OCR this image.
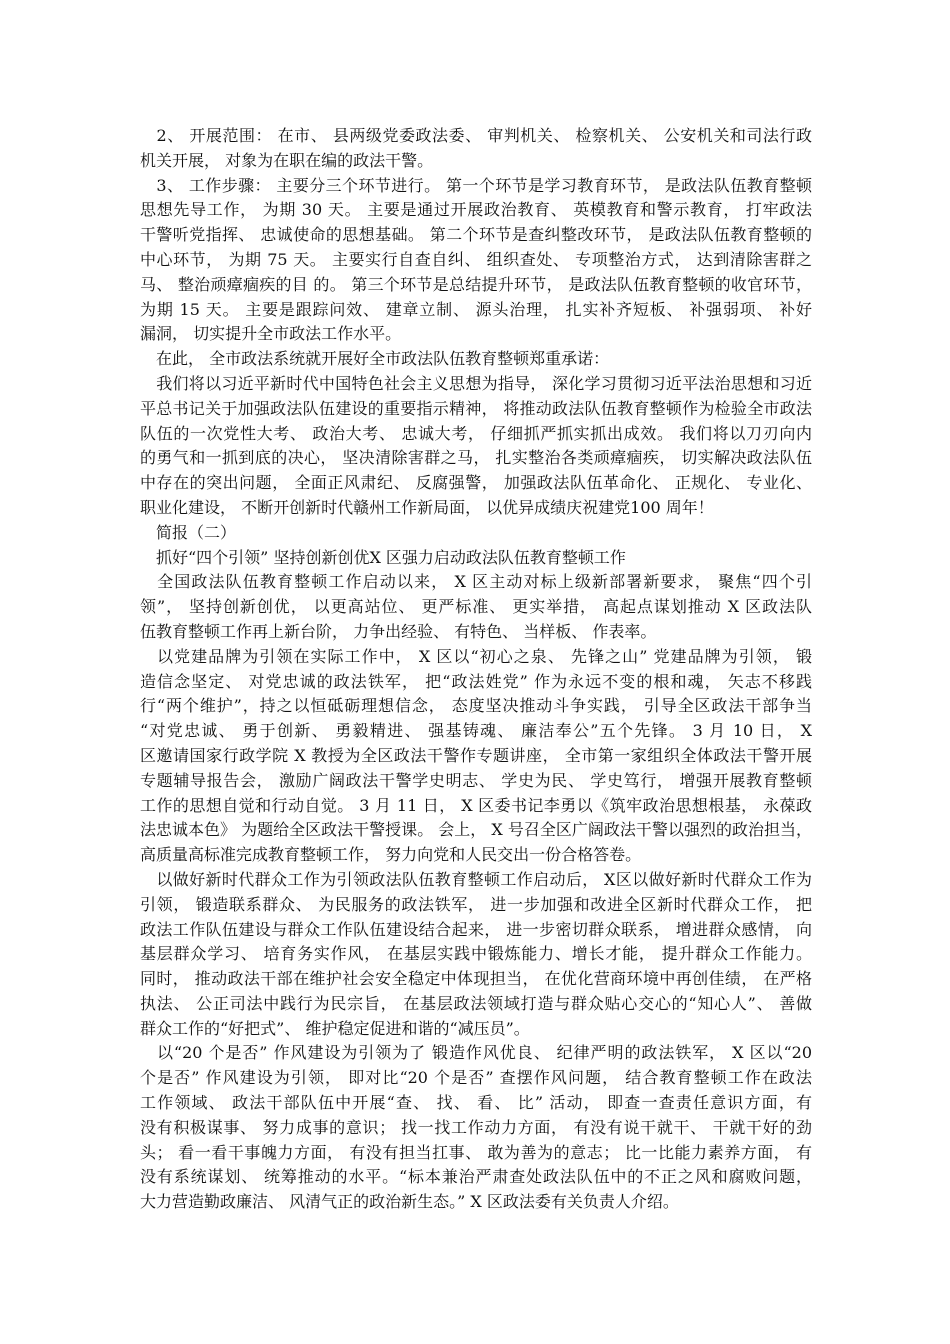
　2、 开展范围： 在市、 县两级党委政法委、 审判机关、 检察机关、 公安机关和司法行政
机关开展， 对象为在职在编的政法干警。
　3、 工作步骤： 主要分三个环节进行。 第一个环节是学习教育环节， 是政法队伍教育整顿
思想先导工作， 为期 30 天。 主要是通过开展政治教育、 英模教育和警示教育， 打牢政法
干警听党指挥、 忠诚使命的思想基础。 第二个环节是查纠整改环节， 是政法队伍教育整顿的
中心环节， 为期 75 天。 主要实行自查自纠、 组织查处、 专项整治方式， 达到清除害群之
马、 整治顽瘴痼疾的目 的。 第三个环节是总结提升环节， 是政法队伍教育整顿的收官环节，
为期 15 天。 主要是跟踪问效、 建章立制、 源头治理， 扎实补齐短板、 补强弱项、 补好
漏洞， 切实提升全市政法工作水平。
　在此， 全市政法系统就开展好全市政法队伍教育整顿郑重承诺：
　我们将以习近平新时代中国特色社会主义思想为指导， 深化学习贯彻习近平法治思想和习近
平总书记关于加强政法队伍建设的重要指示精神， 将推动政法队伍教育整顿作为检验全市政法
队伍的一次党性大考、 政治大考、 忠诚大考， 仔细抓严抓实抓出成效。 我们将以刀刃向内
的勇气和一抓到底的决心， 坚决清除害群之马， 扎实整治各类顽瘴痼疾， 切实解决政法队伍
中存在的突出问题， 全面正风肃纪、 反腐强警， 加强政法队伍革命化、 正规化、 专业化、
职业化建设， 不断开创新时代赣州工作新局面， 以优异成绩庆祝建党100 周年！
　简报（二）
　抓好“四个引领” 坚持创新创优X 区强力启动政法队伍教育整顿工作
　全国政法队伍教育整顿工作启动以来， X 区主动对标上级新部署新要求， 聚焦“四个引
领”， 坚持创新创优， 以更高站位、 更严标准、 更实举措， 高起点谋划推动 X 区政法队
伍教育整顿工作再上新台阶， 力争出经验、 有特色、 当样板、 作表率。
　以党建品牌为引领在实际工作中， X 区以“初心之泉、 先锋之山” 党建品牌为引领， 锻
造信念坚定、 对党忠诚的政法铁军， 把“政法姓党” 作为永远不变的根和魂， 矢志不移践
行“两个维护”，持之以恒砥砺理想信念， 态度坚决推动斗争实践， 引导全区政法干部争当
“对党忠诚、 勇于创新、 勇毅精进、 强基铸魂、 廉洁奉公”五个先锋。 3 月 10 日， X
区邀请国家行政学院 X 教授为全区政法干警作专题讲座， 全市第一家组织全体政法干警开展
专题辅导报告会， 激励广阔政法干警学史明志、 学史为民、 学史笃行， 增强开展教育整顿
工作的思想自觉和行动自觉。 3 月 11 日， X 区委书记李勇以《筑牢政治思想根基， 永葆政
法忠诚本色》 为题给全区政法干警授课。 会上， X 号召全区广阔政法干警以强烈的政治担当，
高质量高标准完成教育整顿工作， 努力向党和人民交出一份合格答卷。
　以做好新时代群众工作为引领政法队伍教育整顿工作启动后， X区以做好新时代群众工作为
引领， 锻造联系群众、 为民服务的政法铁军， 进一步加强和改进全区新时代群众工作， 把
政法工作队伍建设与群众工作队伍建设结合起来， 进一步密切群众联系， 增进群众感情， 向
基层群众学习、 培育务实作风， 在基层实践中锻炼能力、增长才能， 提升群众工作能力。
同时， 推动政法干部在维护社会安全稳定中体现担当， 在优化营商环境中再创佳绩， 在严格
执法、 公正司法中践行为民宗旨， 在基层政法领域打造与群众贴心交心的“知心人”、 善做
群众工作的“好把式”、 维护稳定促进和谐的“减压员”。
　以“20 个是否” 作风建设为引领为了 锻造作风优良、 纪律严明的政法铁军， X 区以“20
个是否” 作风建设为引领， 即对比“20 个是否” 查摆作风问题， 结合教育整顿工作在政法
工作领域、 政法干部队伍中开展“查、 找、 看、 比” 活动， 即查一查责任意识方面，有
没有积极谋事、 努力成事的意识； 找一找工作动力方面， 有没有说干就干、 干就干好的劲
头； 看一看干事魄力方面， 有没有担当扛事、 敢为善为的意志； 比一比能力素养方面， 有
没有系统谋划、 统筹推动的水平。“标本兼治严肃查处政法队伍中的不正之风和腐败问题，
大力营造勤政廉洁、 风清气正的政治新生态。” X 区政法委有关负责人介绍。
